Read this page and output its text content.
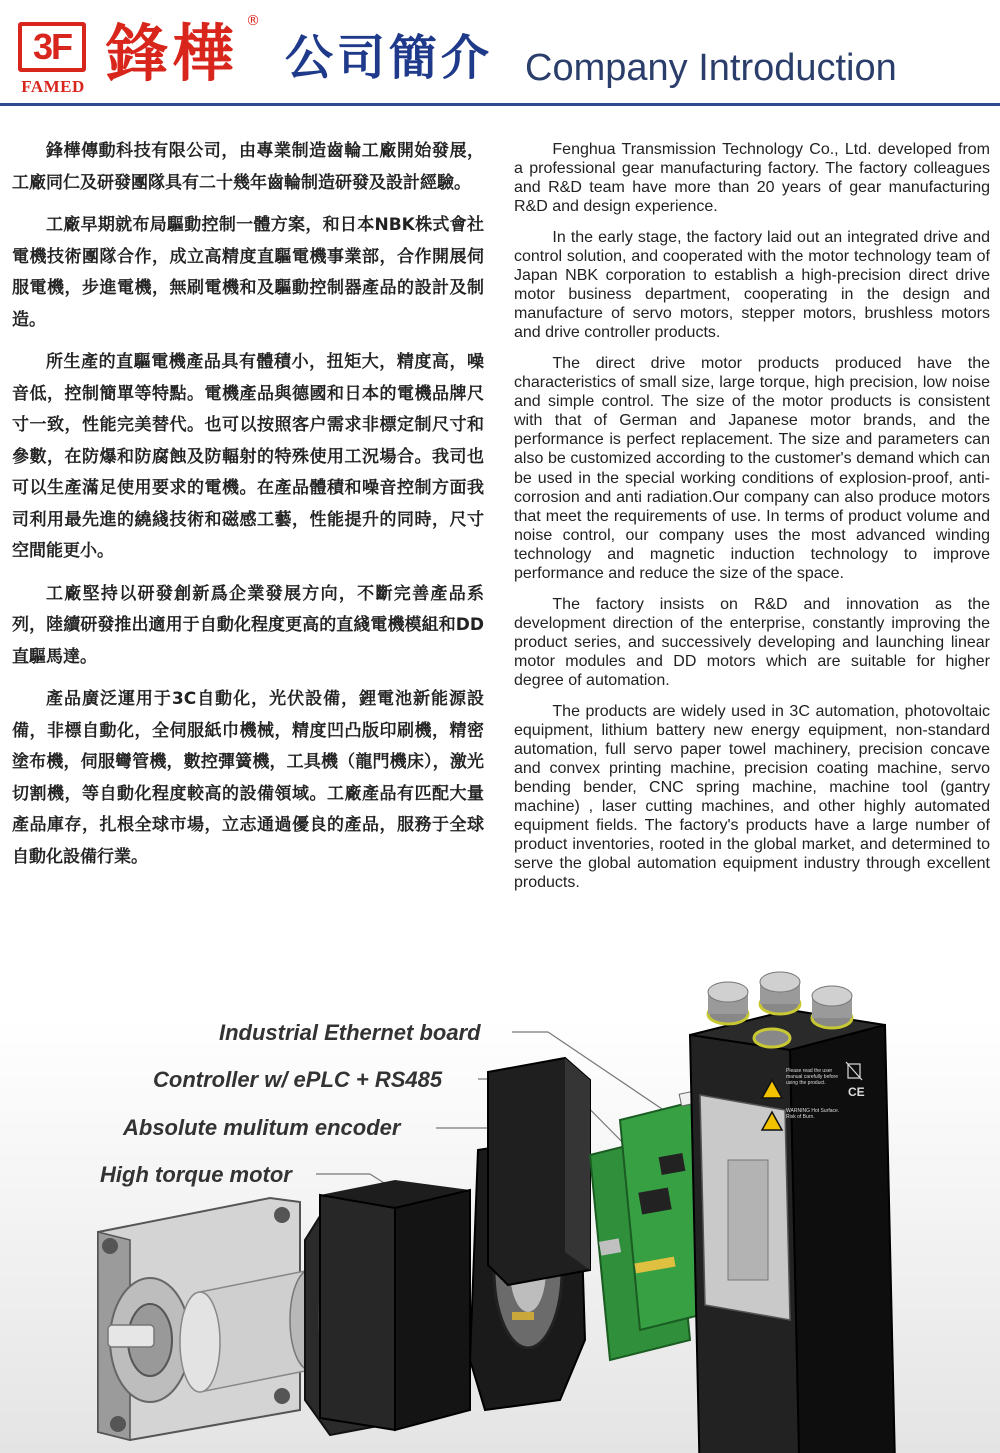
3F
FAMED 鋒樺 ®
公司簡介 Company Introduction

鋒樺傳動科技有限公司，由專業制造齒輪工廠開始發展，工廠同仁及研發團隊具有二十幾年齒輪制造研發及設計經驗。

工廠早期就布局驅動控制一體方案，和日本NBK株式會社電機技術團隊合作，成立高精度直驅電機事業部，合作開展伺服電機，步進電機，無刷電機和及驅動控制器產品的設計及制造。

所生產的直驅電機產品具有體積小，扭矩大，精度高，噪音低，控制簡單等特點。電機產品與德國和日本的電機品牌尺寸一致，性能完美替代。也可以按照客户需求非標定制尺寸和參數，在防爆和防腐蝕及防輻射的特殊使用工況場合。我司也可以生產滿足使用要求的電機。在產品體積和噪音控制方面我司利用最先進的繞綫技術和磁感工藝，性能提升的同時，尺寸空間能更小。

工廠堅持以研發創新爲企業發展方向，不斷完善產品系列，陸續研發推出適用于自動化程度更高的直綫電機模組和DD直驅馬達。

產品廣泛運用于3C自動化，光伏設備，鋰電池新能源設備，非標自動化，全伺服紙巾機械，精度凹凸版印刷機，精密塗布機，伺服彎管機，數控彈簧機，工具機（龍門機床），激光切割機，等自動化程度較高的設備領域。工廠產品有匹配大量產品庫存，扎根全球市場，立志通過優良的產品，服務于全球自動化設備行業。

Fenghua Transmission Technology Co., Ltd. developed from a professional gear manufacturing factory. The factory colleagues and R&D team have more than 20 years of gear manufacturing R&D and design experience.

In the early stage, the factory laid out an integrated drive and control solution, and cooperated with the motor technology team of Japan NBK corporation to establish a high-precision direct drive motor business department, cooperating in the design and manufacture of servo motors, stepper motors, brushless motors and drive controller products.

The direct drive motor products produced have the characteristics of small size, large torque, high precision, low noise and simple control. The size of the motor products is consistent with that of German and Japanese motor brands, and the performance is perfect replacement. The size and parameters can also be customized according to the customer's demand which can be used in the special working conditions of explosion-proof, anti-corrosion and anti radiation.Our company can also produce motors that meet the requirements of use. In terms of product volume and noise control, our company uses the most advanced winding technology and magnetic induction technology to improve performance and reduce the size of the space.

The factory insists on R&D and innovation as the development direction of the enterprise, constantly improving the product series, and successively developing and launching linear motor modules and DD motors which are suitable for higher degree of automation.

The products are widely used in 3C automation, photovoltaic equipment, lithium battery new energy equipment, non-standard automation, full servo paper towel machinery, precision concave and convex printing machine, precision coating machine, servo bending bender, CNC spring machine, machine tool (gantry machine) , laser cutting machines, and other highly automated equipment fields. The factory's products have a large number of product inventories, rooted in the global market, and determined to serve the global automation equipment industry through excellent products.

Industrial Ethernet board
Controller w/ ePLC + RS485
Absolute mulitum encoder
High torque motor
Please read the user manual carefully before using the product.
WARNING Hot Surface. Risk of Burn.
CE
